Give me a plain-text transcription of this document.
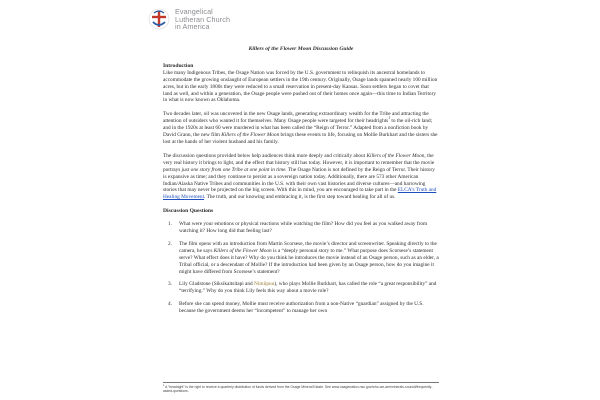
Evangelical
Lutheran Church
in America
Killers of the Flower Moon Discussion Guide
Introduction

Like many Indigenous Tribes, the Osage Nation was forced by the U.S. government to relinquish its ancestral homelands to accommodate the growing onslaught of European settlers in the 19th century. Originally, Osage lands spanned nearly 100 million acres, but in the early 1800s they were reduced to a small reservation in present-day Kansas. Soon settlers began to covet that land as well, and within a generation, the Osage people were pushed out of their homes once again—this time to Indian Territory in what is now known as Oklahoma.

Two decades later, oil was uncovered in the new Osage lands, generating extraordinary wealth for the Tribe and attracting the attention of outsiders who wanted it for themselves. Many Osage people were targeted for their headrights$^1$ to the oil-rich land; and in the 1920s at least 60 were murdered in what has been called the “Reign of Terror.” Adapted from a nonfiction book by David Grann, the new film Killers of the Flower Moon brings these events to life, focusing on Mollie Burkhart and the sisters she lost at the hands of her violent husband and his family.

The discussion questions provided below help audiences think more deeply and critically about Killers of the Flower Moon, the very real history it brings to light, and the effect that history still has today. However, it is important to remember that the movie portrays just one story from one Tribe at one point in time. The Osage Nation is not defined by the Reign of Terror. Their history is expansive as time; and they continue to persist as a sovereign nation today. Additionally, there are 573 other American Indian/Alaska Native Tribes and communities in the U.S. with their own vast histories and diverse cultures—and harrowing stories that may never be projected on the big screen. With this in mind, you are encouraged to take part in the ELCA’s Truth and Healing Movement. The truth, and our knowing and embracing it, is the first step toward healing for all of us.

Discussion Questions
1. What were your emotions or physical reactions while watching the film? How did you feel as you walked away from watching it? How long did that feeling last?
2. The film opens with an introduction from Martin Scorsese, the movie’s director and screenwriter. Speaking directly to the camera, he says Killers of the Flower Moon is a “deeply personal story to me.” What purpose does Scorsese’s statement serve? What effect does it have? Why do you think he introduces the movie instead of an Osage person, such as an elder, a Tribal official, or a descendant of Mollie? If the introduction had been given by an Osage person, how do you imagine it might have differed from Scorsese’s statement?
3. Lily Gladstone (Siksikaitsitapi and Nimiipuu), who plays Mollie Burkhart, has called the role “a great responsibility” and “terrifying.” Why do you think Lily feels this way about a movie role?
4. Before she can spend money, Mollie must receive authorization from a non-Native “guardian” assigned by the U.S. because the government deems her “incompetent” to manage her own
$^1$ A “headright” is the right to receive a quarterly distribution of funds derived from the Osage Mineral Estate. See www.osagenation-nsn.gov/who-we-are/minerals-council/frequently-asked-questions.
